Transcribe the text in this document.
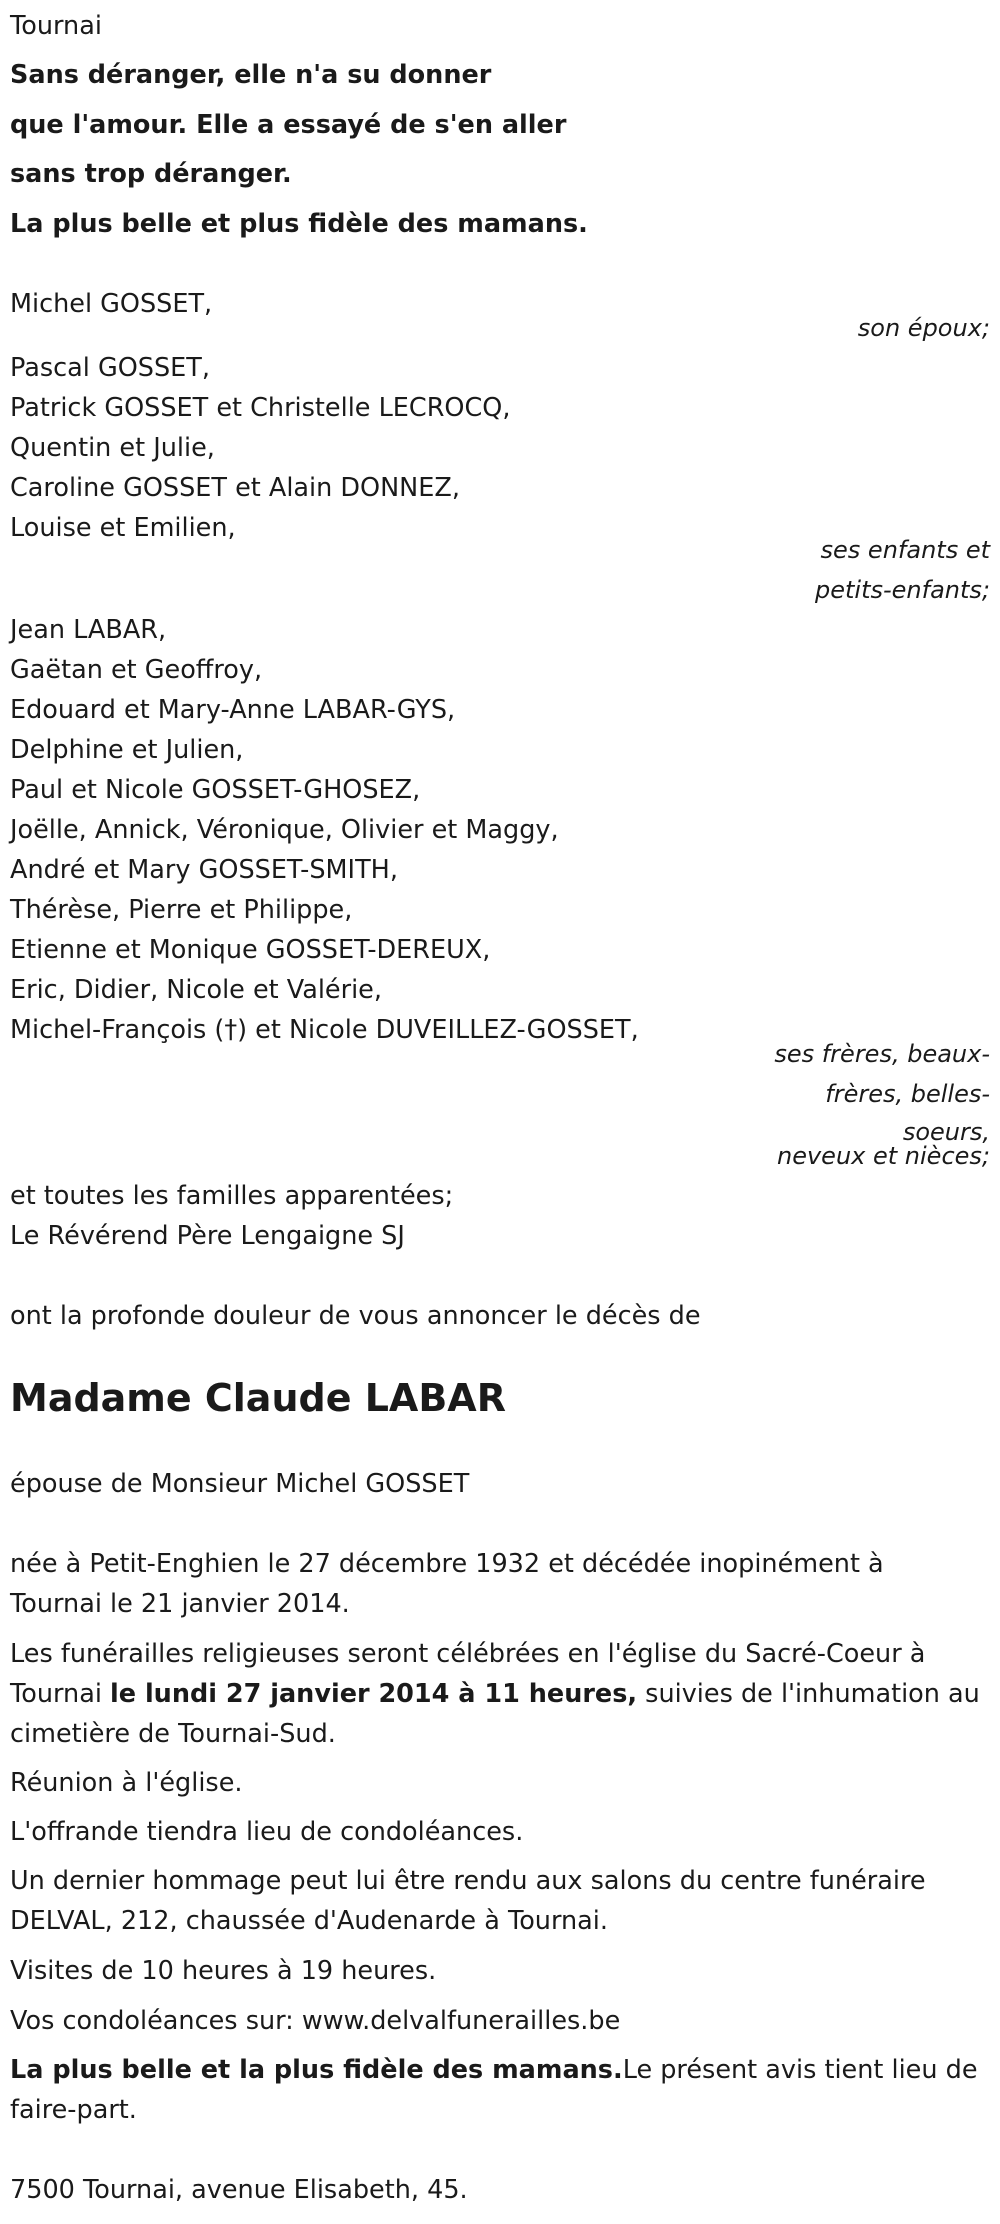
Tournai
Sans déranger, elle n'a su donner
que l'amour. Elle a essayé de s'en aller
sans trop déranger.
La plus belle et plus fidèle des mamans.
Michel GOSSET,
son époux;
Pascal GOSSET,
Patrick GOSSET et Christelle LECROCQ,
Quentin et Julie,
Caroline GOSSET et Alain DONNEZ,
Louise et Emilien,
ses enfants et
petits-enfants;
Jean LABAR,
Gaëtan et Geoffroy,
Edouard et Mary-Anne LABAR-GYS,
Delphine et Julien,
Paul et Nicole GOSSET-GHOSEZ,
Joëlle, Annick, Véronique, Olivier et Maggy,
André et Mary GOSSET-SMITH,
Thérèse, Pierre et Philippe,
Etienne et Monique GOSSET-DEREUX,
Eric, Didier, Nicole et Valérie,
Michel-François (†) et Nicole DUVEILLEZ-GOSSET,
ses frères, beaux-
frères, belles-
soeurs,
neveux et nièces;
et toutes les familles apparentées;
Le Révérend Père Lengaigne SJ
ont la profonde douleur de vous annoncer le décès de
Madame Claude LABAR
épouse de Monsieur Michel GOSSET
née à Petit-Enghien le 27 décembre 1932 et décédée inopinément à Tournai le 21 janvier 2014.
Les funérailles religieuses seront célébrées en l'église du Sacré-Coeur à Tournai le lundi 27 janvier 2014 à 11 heures, suivies de l'inhumation au cimetière de Tournai-Sud.
Réunion à l'église.
L'offrande tiendra lieu de condoléances.
Un dernier hommage peut lui être rendu aux salons du centre funéraire DELVAL, 212, chaussée d'Audenarde à Tournai.
Visites de 10 heures à 19 heures.
Vos condoléances sur: www.delvalfunerailles.be
La plus belle et la plus fidèle des mamans.Le présent avis tient lieu de faire-part.
7500 Tournai, avenue Elisabeth, 45.
